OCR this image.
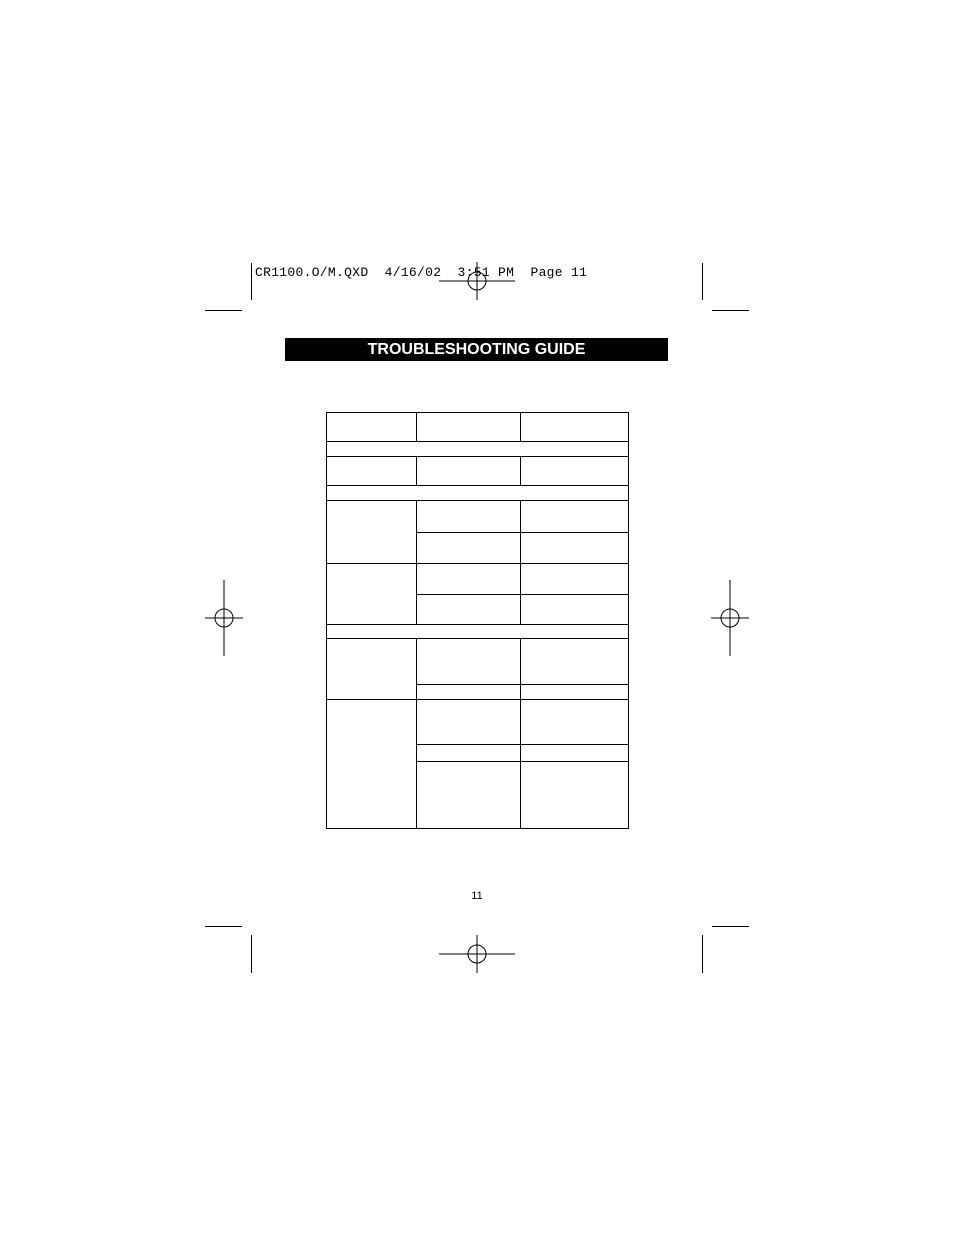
CR1100.O/M.QXD 4/16/02 3:51 PM Page 11
TROUBLESHOOTING GUIDE
11
